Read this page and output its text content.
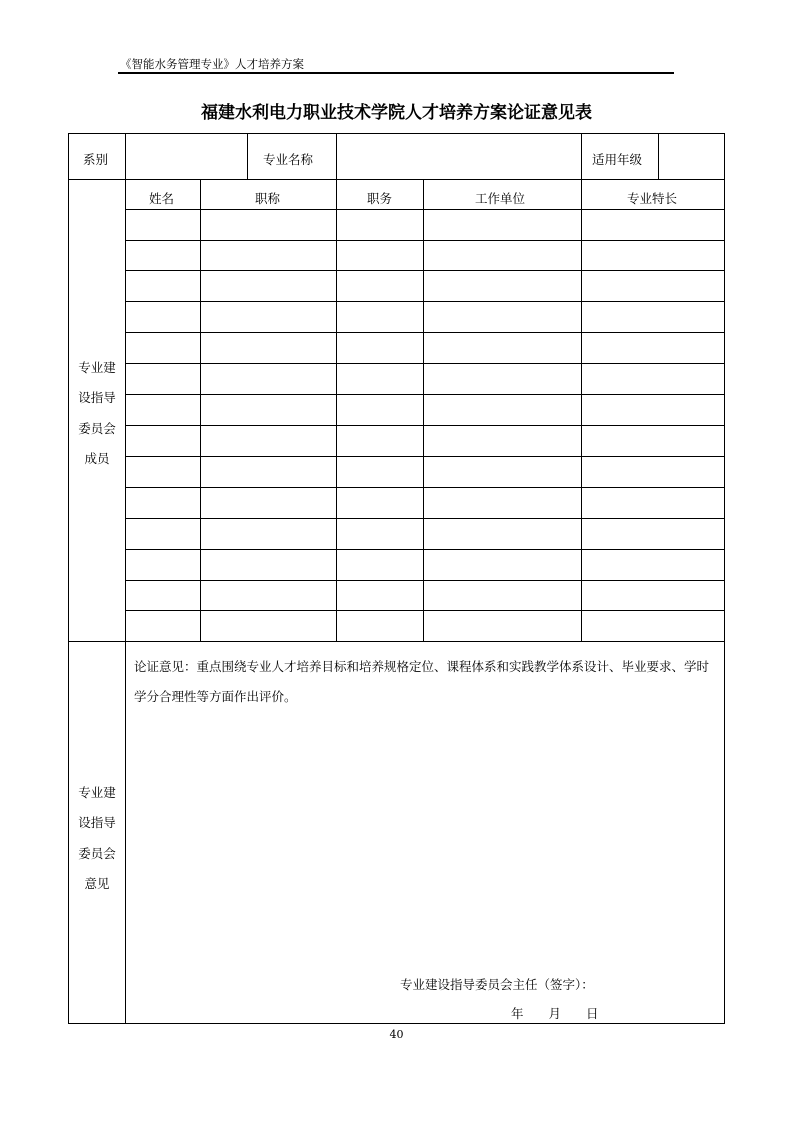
《智能水务管理专业》人才培养方案
福建水利电力职业技术学院人才培养方案论证意见表
系别	专业名称	适用年级
姓名	职称	职务	工作单位	专业特长
专业建
设指导
委员会
成员
专业建
设指导
委员会
意见
论证意见：重点围绕专业人才培养目标和培养规格定位、课程体系和实践教学体系设计、毕业要求、学时学分合理性等方面作出评价。
专业建设指导委员会主任（签字）：
年　　月　　日
40
